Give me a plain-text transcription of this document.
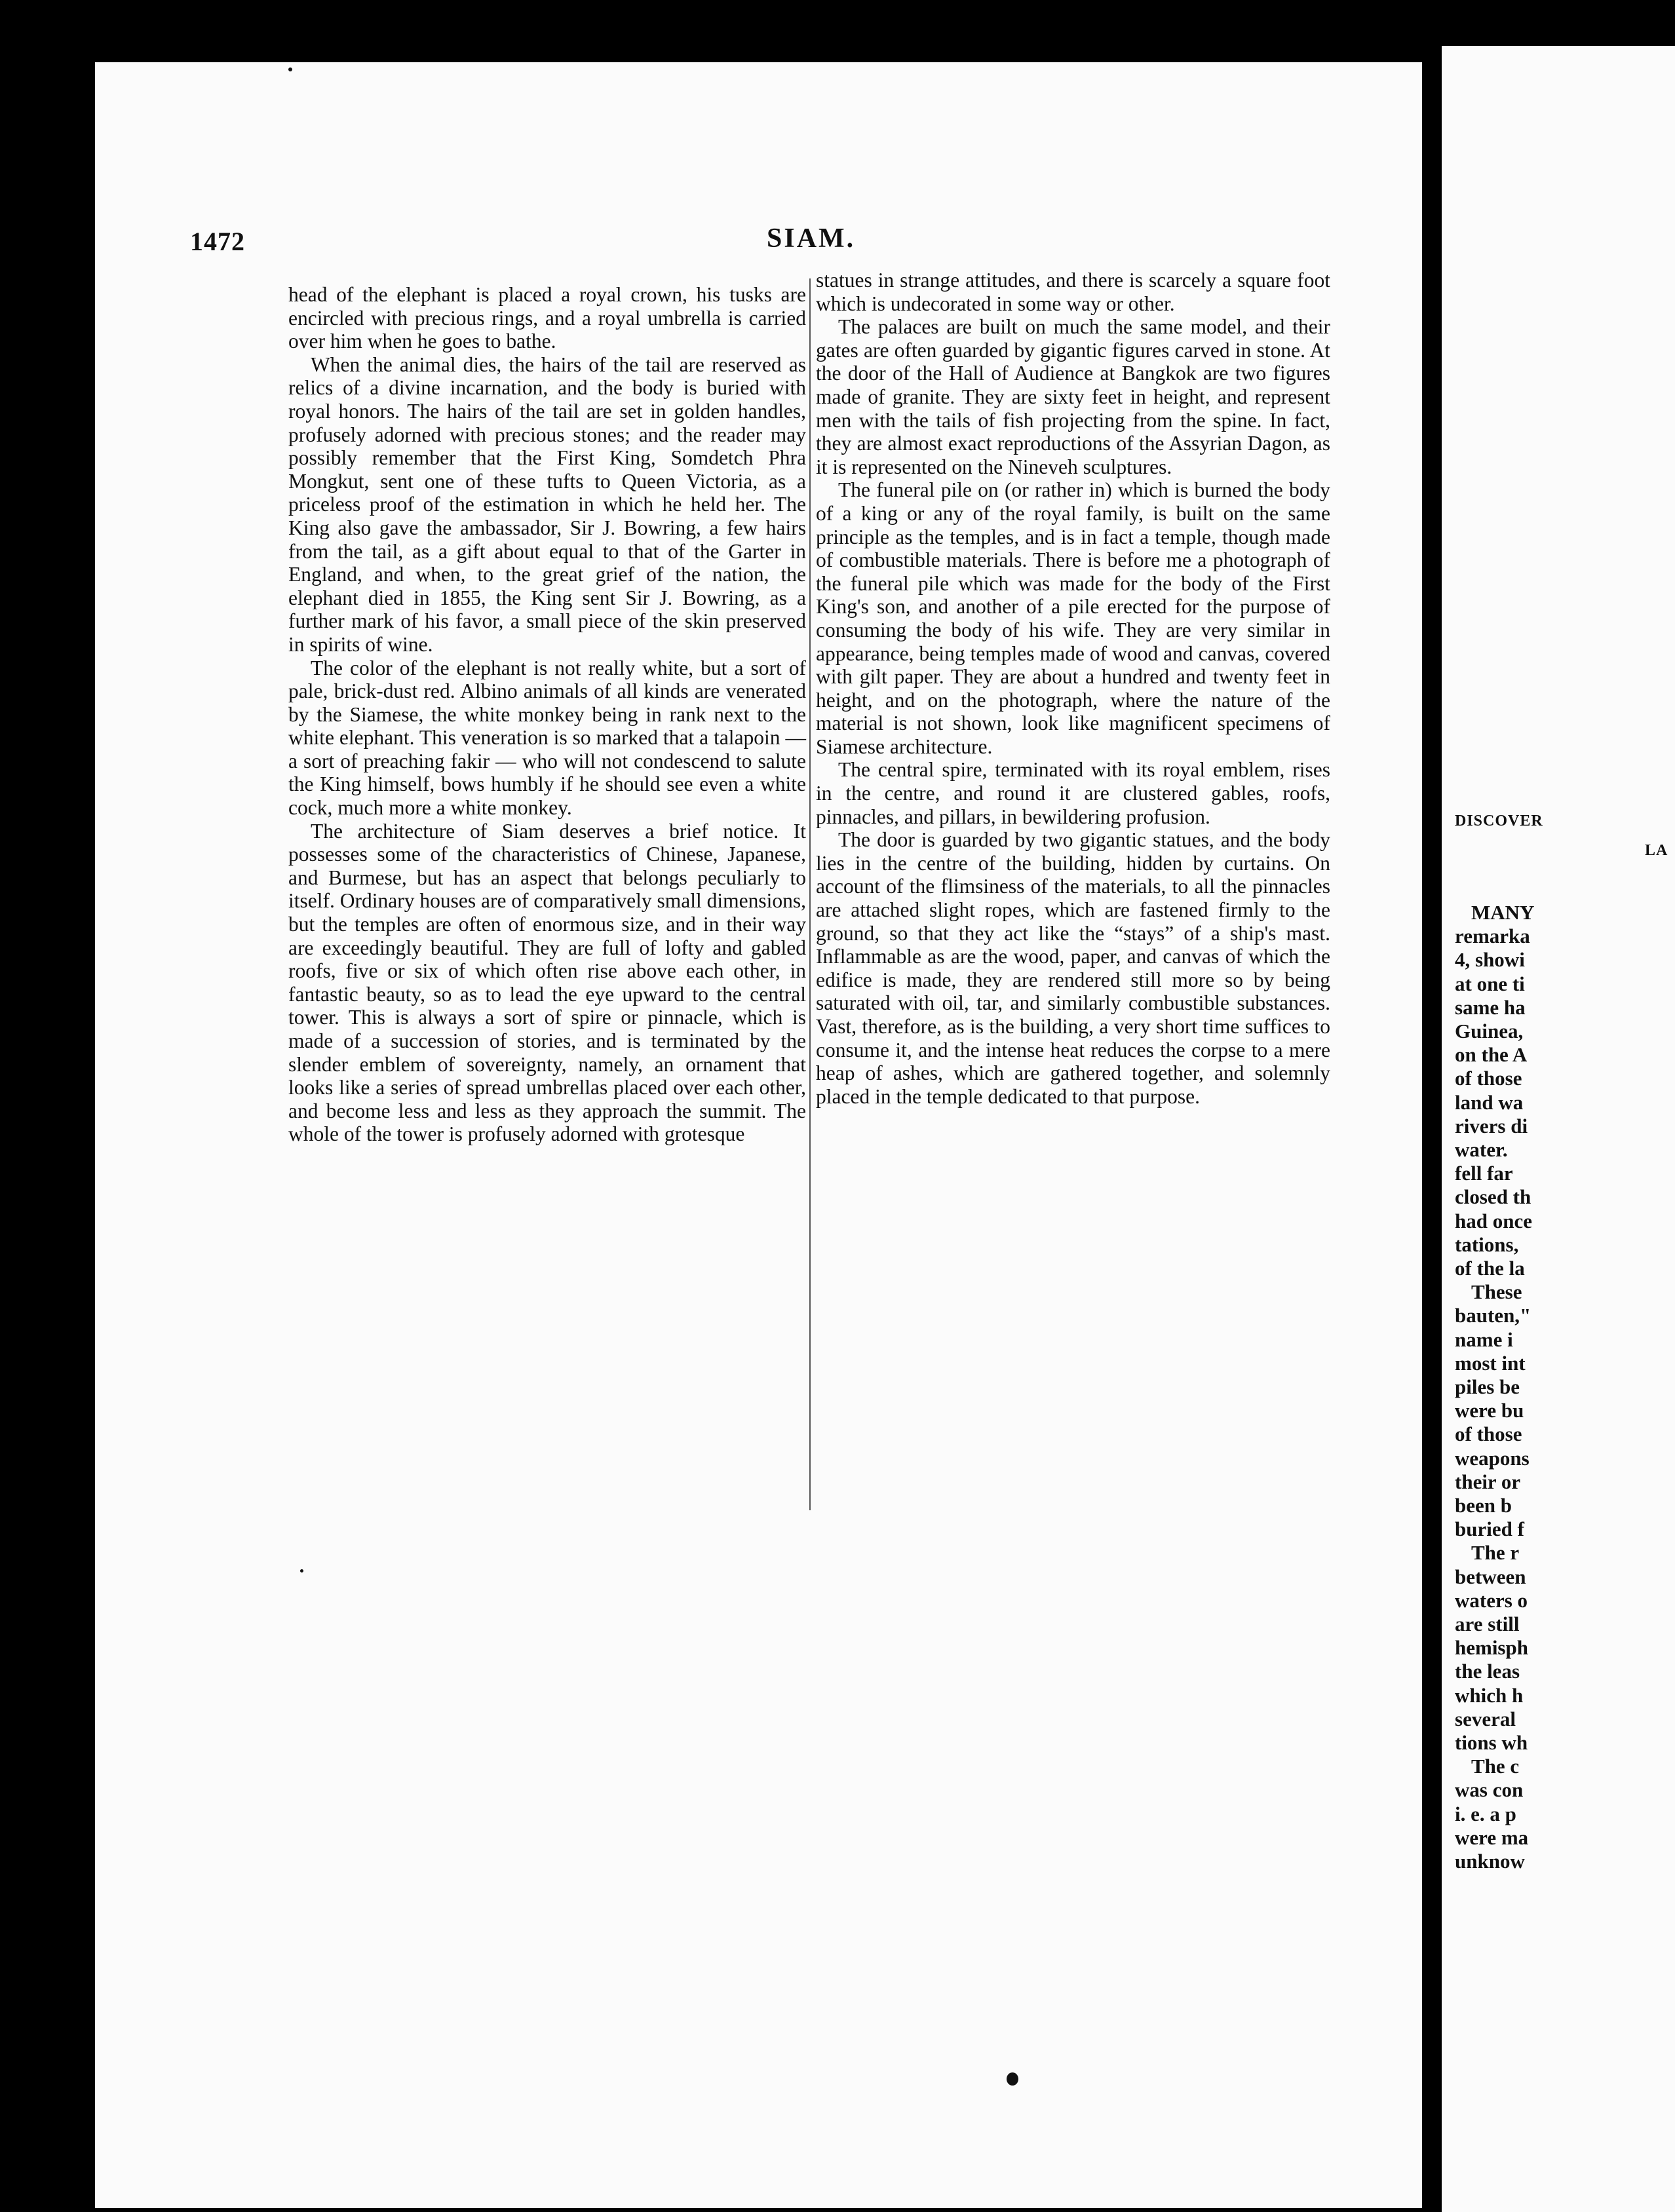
1472	SIAM.

head of the elephant is placed a royal crown, his tusks are encircled with precious rings, and a royal umbrella is carried over him when he goes to bathe.

When the animal dies, the hairs of the tail are reserved as relics of a divine incarnation, and the body is buried with royal honors. The hairs of the tail are set in golden handles, profusely adorned with precious stones; and the reader may possibly remember that the First King, Somdetch Phra Mongkut, sent one of these tufts to Queen Victoria, as a priceless proof of the estimation in which he held her. The King also gave the ambassador, Sir J. Bowring, a few hairs from the tail, as a gift about equal to that of the Garter in England, and when, to the great grief of the nation, the elephant died in 1855, the King sent Sir J. Bowring, as a further mark of his favor, a small piece of the skin preserved in spirits of wine.

The color of the elephant is not really white, but a sort of pale, brick-dust red. Albino animals of all kinds are venerated by the Siamese, the white monkey being in rank next to the white elephant. This veneration is so marked that a talapoin — a sort of preaching fakir — who will not condescend to salute the King himself, bows humbly if he should see even a white cock, much more a white monkey.

The architecture of Siam deserves a brief notice. It possesses some of the characteristics of Chinese, Japanese, and Burmese, but has an aspect that belongs peculiarly to itself. Ordinary houses are of comparatively small dimensions, but the temples are often of enormous size, and in their way are exceedingly beautiful. They are full of lofty and gabled roofs, five or six of which often rise above each other, in fantastic beauty, so as to lead the eye upward to the central tower. This is always a sort of spire or pinnacle, which is made of a succession of stories, and is terminated by the slender emblem of sovereignty, namely, an ornament that looks like a series of spread umbrellas placed over each other, and become less and less as they approach the summit. The whole of the tower is profusely adorned with grotesque

statues in strange attitudes, and there is scarcely a square foot which is undecorated in some way or other.

The palaces are built on much the same model, and their gates are often guarded by gigantic figures carved in stone. At the door of the Hall of Audience at Bangkok are two figures made of granite. They are sixty feet in height, and represent men with the tails of fish projecting from the spine. In fact, they are almost exact reproductions of the Assyrian Dagon, as it is represented on the Nineveh sculptures.

The funeral pile on (or rather in) which is burned the body of a king or any of the royal family, is built on the same principle as the temples, and is in fact a temple, though made of combustible materials. There is before me a photograph of the funeral pile which was made for the body of the First King's son, and another of a pile erected for the purpose of consuming the body of his wife. They are very similar in appearance, being temples made of wood and canvas, covered with gilt paper. They are about a hundred and twenty feet in height, and on the photograph, where the nature of the material is not shown, look like magnificent specimens of Siamese architecture.

The central spire, terminated with its royal emblem, rises in the centre, and round it are clustered gables, roofs, pinnacles, and pillars, in bewildering profusion.

The door is guarded by two gigantic statues, and the body lies in the centre of the building, hidden by curtains. On account of the flimsiness of the materials, to all the pinnacles are attached slight ropes, which are fastened firmly to the ground, so that they act like the “stays” of a ship's mast. Inflammable as are the wood, paper, and canvas of which the edifice is made, they are rendered still more so by being saturated with oil, tar, and similarly combustible substances. Vast, therefore, as is the building, a very short time suffices to consume it, and the intense heat reduces the corpse to a mere heap of ashes, which are gathered together, and solemnly placed in the temple dedicated to that purpose.

DISCOVER
LA
MANY
remarka
4, showi
at one ti
same ha
Guinea,
on the A
of those
land wa
rivers di
water.
fell far
closed th
had once
tations,
of the la
These
bauten,"
name i
most int
piles be
were bu
of those
weapons
their or
been b
buried f
The r
between
waters o
are still
hemisph
the leas
which h
several
tions wh
The c
was con
i. e. a p
were ma
unknow
